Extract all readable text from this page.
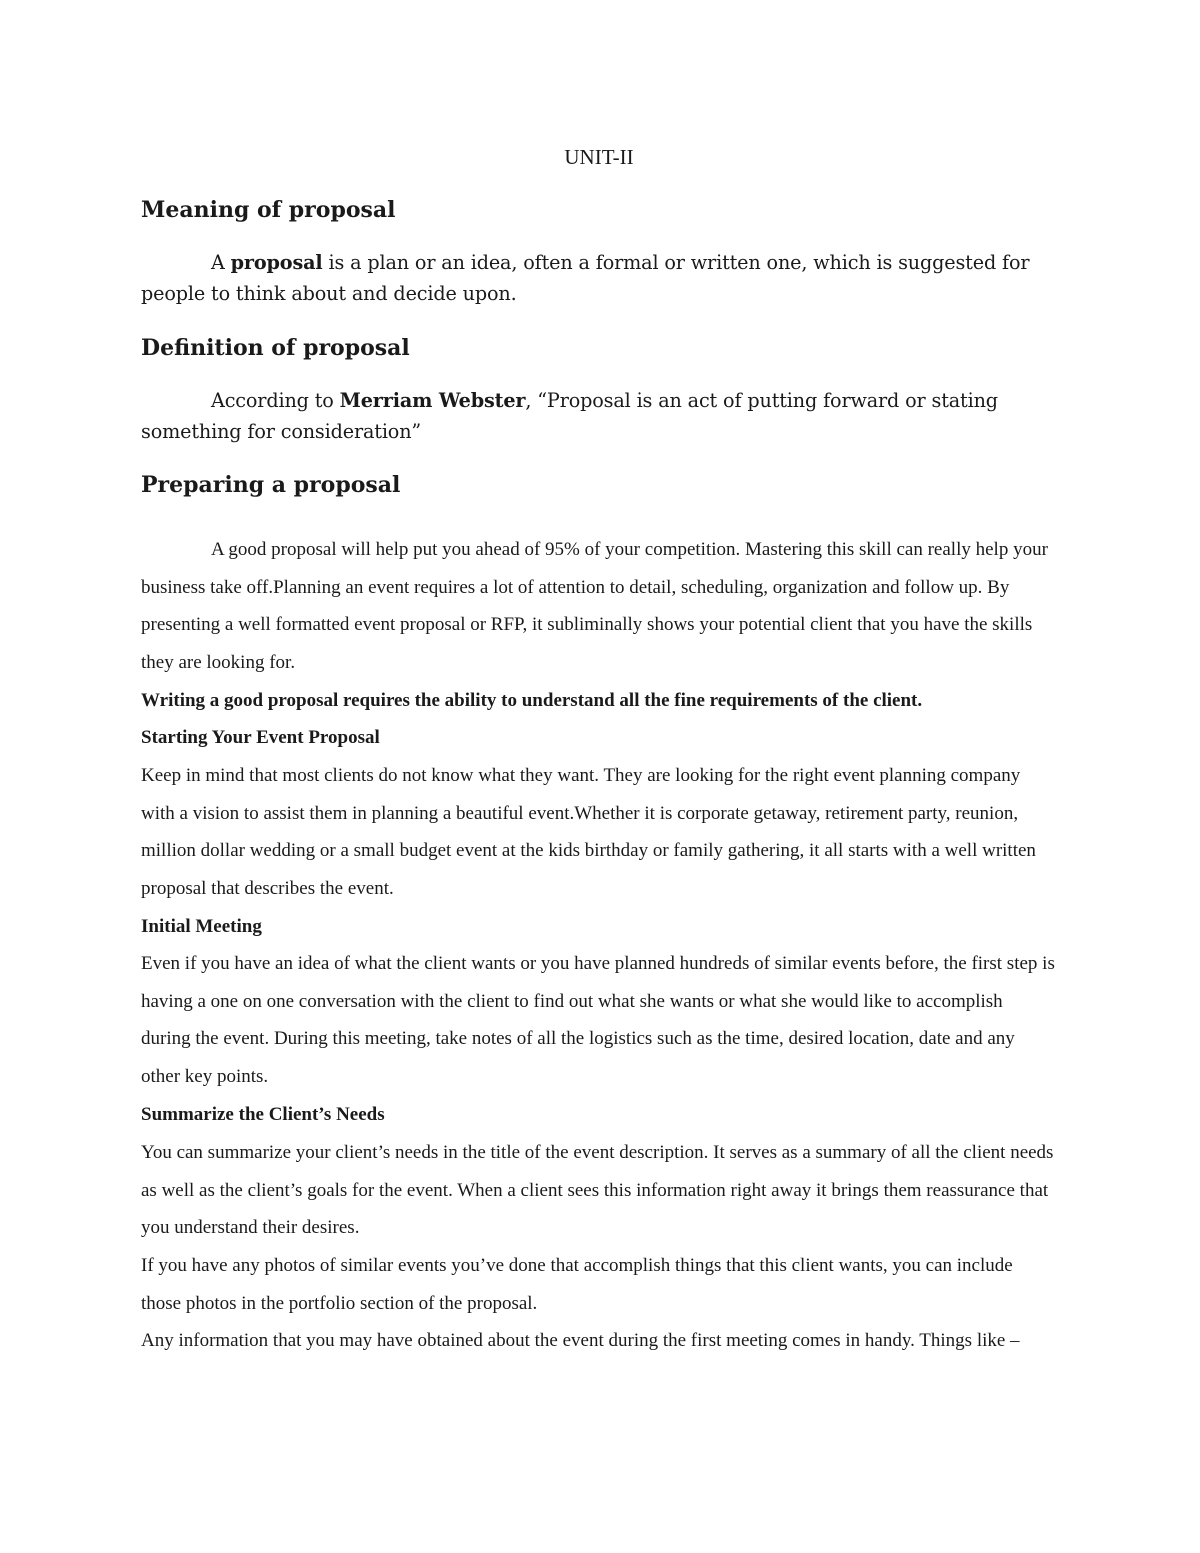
UNIT-II
Meaning of proposal
A proposal is a plan or an idea, often a formal or written one, which is suggested for people to think about and decide upon.
Definition of proposal
According to Merriam Webster, “Proposal is an act of putting forward or stating something for consideration”
Preparing a proposal
A good proposal will help put you ahead of 95% of your competition. Mastering this skill can really help your business take off.Planning an event requires a lot of attention to detail, scheduling, organization and follow up. By presenting a well formatted event proposal or RFP, it subliminally shows your potential client that you have the skills they are looking for.
Writing a good proposal requires the ability to understand all the fine requirements of the client.
Starting Your Event Proposal
Keep in mind that most clients do not know what they want. They are looking for the right event planning company with a vision to assist them in planning a beautiful event.Whether it is corporate getaway, retirement party, reunion, million dollar wedding or a small budget event at the kids birthday or family gathering, it all starts with a well written proposal that describes the event.
Initial Meeting
Even if you have an idea of what the client wants or you have planned hundreds of similar events before, the first step is having a one on one conversation with the client to find out what she wants or what she would like to accomplish during the event. During this meeting, take notes of all the logistics such as the time, desired location, date and any other key points.
Summarize the Client’s Needs
You can summarize your client’s needs in the title of the event description. It serves as a summary of all the client needs as well as the client’s goals for the event. When a client sees this information right away it brings them reassurance that you understand their desires.
If you have any photos of similar events you’ve done that accomplish things that this client wants, you can include those photos in the portfolio section of the proposal.
Any information that you may have obtained about the event during the first meeting comes in handy. Things like –
